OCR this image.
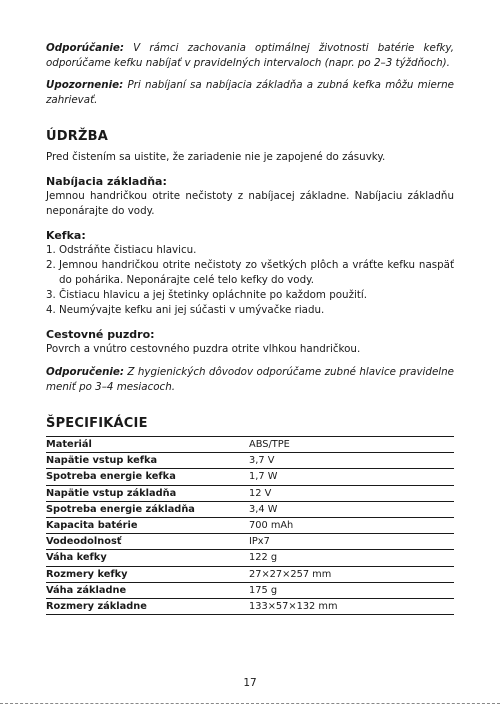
Odporúčanie: V rámci zachovania optimálnej životnosti batérie kefky, odporúčame kefku nabíjať v pravidelných intervaloch (napr. po 2–3 týždňoch).

Upozornenie: Pri nabíjaní sa nabíjacia základňa a zubná kefka môžu mierne zahrievať.

ÚDRŽBA

Pred čistením sa uistite, že zariadenie nie je zapojené do zásuvky.

Nabíjacia základňa:

Jemnou handričkou otrite nečistoty z nabíjacej základne. Nabíjaciu základňu neponárajte do vody.

Kefka:
1. Odstráňte čistiacu hlavicu.
2. Jemnou handričkou otrite nečistoty zo všetkých plôch a vráťte kefku naspäť do pohárika. Neponárajte celé telo kefky do vody.
3. Čistiacu hlavicu a jej štetinky opláchnite po každom použití.
4. Neumývajte kefku ani jej súčasti v umývačke riadu.
Cestovné puzdro:

Povrch a vnútro cestovného puzdra otrite vlhkou handričkou.

Odporučenie: Z hygienických dôvodov odporúčame zubné hlavice pravidelne meniť po 3–4 mesiacoch.

ŠPECIFIKÁCIE
Materiál	ABS/TPE
Napätie vstup kefka	3,7 V
Spotreba energie kefka	1,7 W
Napätie vstup základňa	12 V
Spotreba energie základňa	3,4 W
Kapacita batérie	700 mAh
Vodeodolnosť	IPx7
Váha kefky	122 g
Rozmery kefky	27×27×257 mm
Váha základne	175 g
Rozmery základne	133×57×132 mm
17
